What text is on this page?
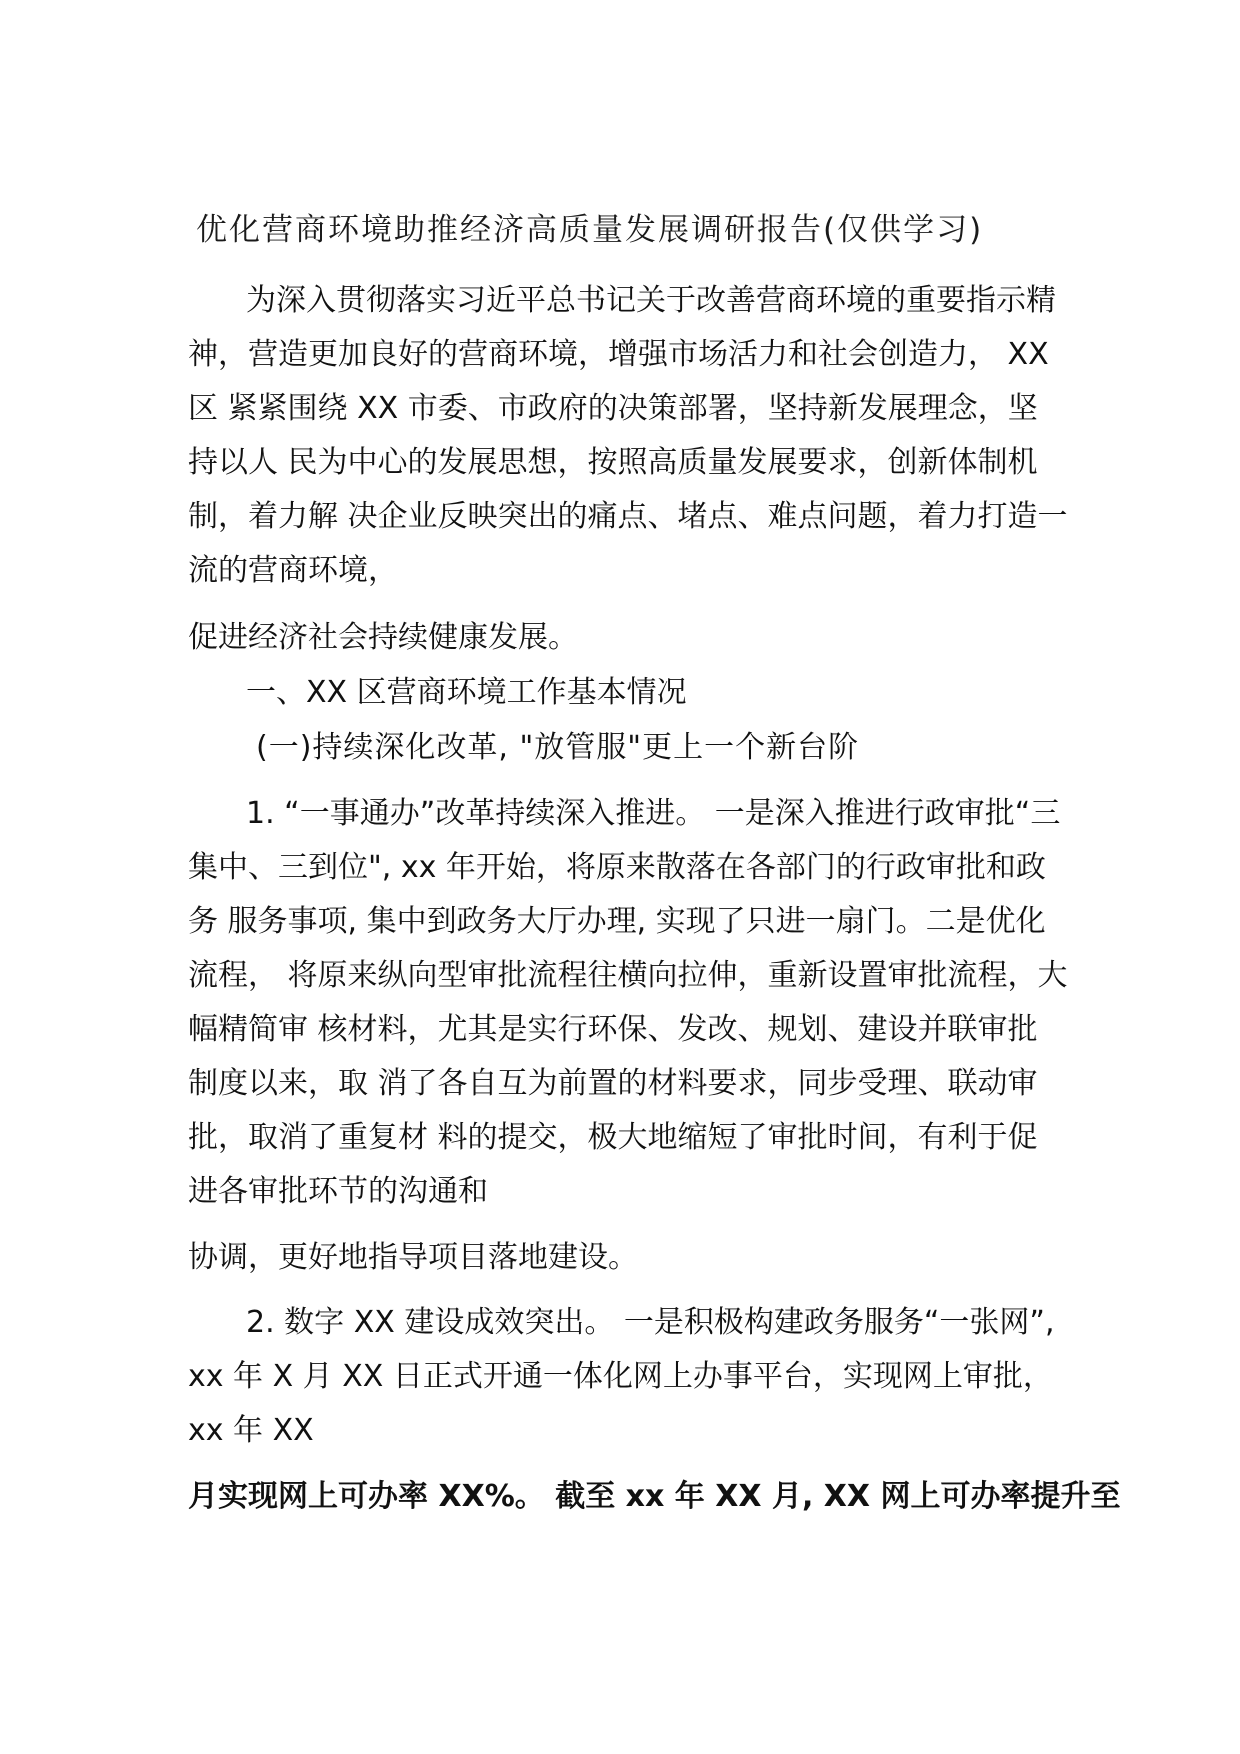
优化营商环境助推经济高质量发展调研报告(仅供学习)
为深入贯彻落实习近平总书记关于改善营商环境的重要指示精
神，营造更加良好的营商环境，增强市场活力和社会创造力， XX
区 紧紧围绕 XX 市委、市政府的决策部署，坚持新发展理念，坚
持以人 民为中心的发展思想，按照高质量发展要求，创新体制机
制，着力解 决企业反映突出的痛点、堵点、难点问题，着力打造一
流的营商环境，
促进经济社会持续健康发展。
一、XX 区营商环境工作基本情况
(一)持续深化改革, "放管服"更上一个新台阶
1. “一事通办”改革持续深入推进。 一是深入推进行政审批“三
集中、三到位", xx 年开始，将原来散落在各部门的行政审批和政
务 服务事项, 集中到政务大厅办理, 实现了只进一扇门。二是优化
流程， 将原来纵向型审批流程往横向拉伸，重新设置审批流程，大
幅精简审 核材料，尤其是实行环保、发改、规划、建设并联审批
制度以来，取 消了各自互为前置的材料要求，同步受理、联动审
批，取消了重复材 料的提交，极大地缩短了审批时间，有利于促
进各审批环节的沟通和
协调，更好地指导项目落地建设。
2. 数字 XX 建设成效突出。 一是积极构建政务服务“一张网”,
xx 年 X 月 XX 日正式开通一体化网上办事平台，实现网上审批，
xx 年 XX
月实现网上可办率 XX%。 截至 xx 年 XX 月, XX 网上可办率提升至
